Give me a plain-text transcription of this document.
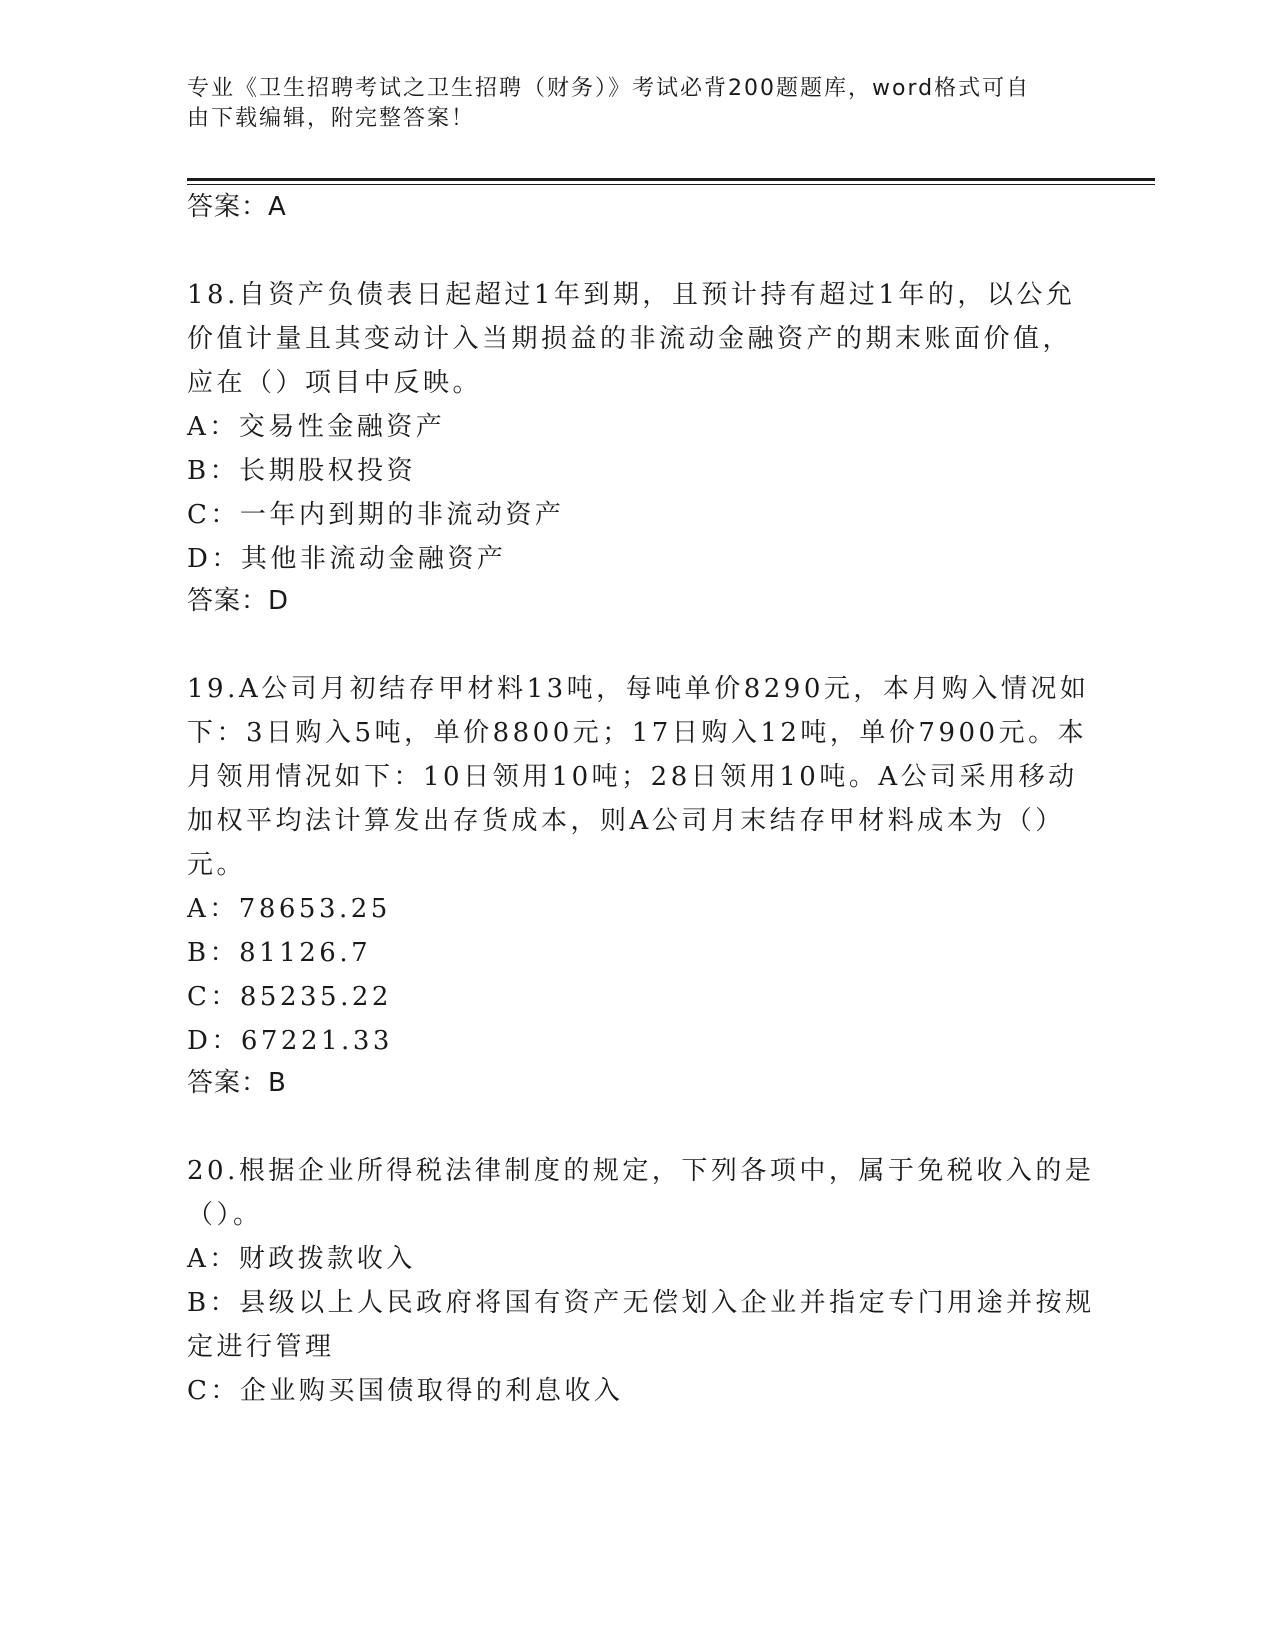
专业《卫生招聘考试之卫生招聘（财务）》考试必背200题题库，word格式可自
由下载编辑，附完整答案！
答案：A
18.自资产负债表日起超过1年到期，且预计持有超过1年的，以公允
价值计量且其变动计入当期损益的非流动金融资产的期末账面价值，
应在（）项目中反映。
A：交易性金融资产
B：长期股权投资
C：一年内到期的非流动资产
D：其他非流动金融资产
答案：D
19.A公司月初结存甲材料13吨，每吨单价8290元，本月购入情况如
下：3日购入5吨，单价8800元；17日购入12吨，单价7900元。本
月领用情况如下：10日领用10吨；28日领用10吨。A公司采用移动
加权平均法计算发出存货成本，则A公司月末结存甲材料成本为（）
元。
A：78653.25
B：81126.7
C：85235.22
D：67221.33
答案：B
20.根据企业所得税法律制度的规定，下列各项中，属于免税收入的是
（）。
A：财政拨款收入
B：县级以上人民政府将国有资产无偿划入企业并指定专门用途并按规
定进行管理
C：企业购买国债取得的利息收入
